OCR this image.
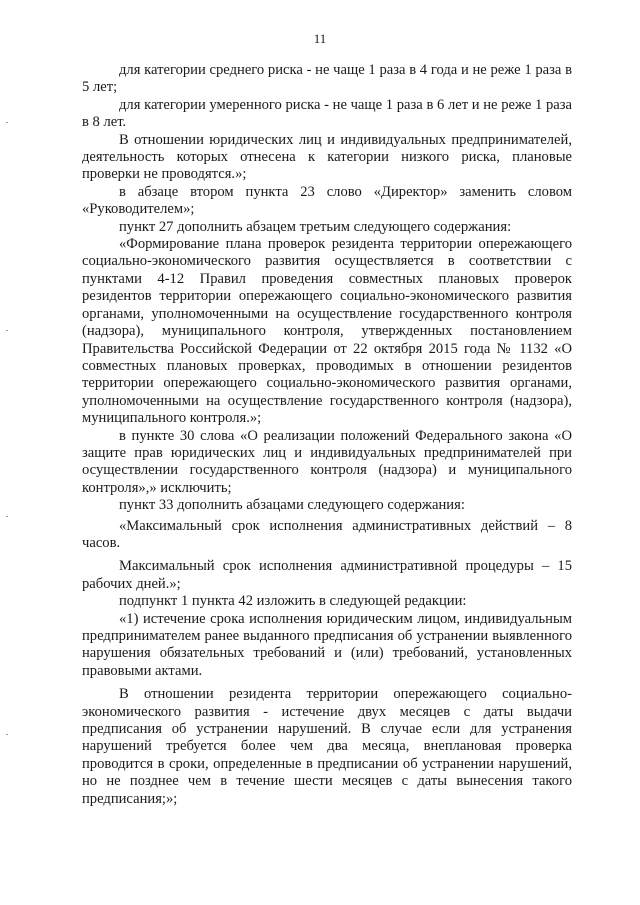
11

для категории среднего риска - не чаще 1 раза в 4 года и не реже 1 раза в 5 лет;

для категории умеренного риска - не чаще 1 раза в 6 лет и не реже 1 раза в 8 лет.

В отношении юридических лиц и индивидуальных предпринимателей, деятельность которых отнесена к категории низкого риска, плановые проверки не проводятся.»;

в абзаце втором пункта 23 слово «Директор» заменить словом «Руководителем»;

пункт 27 дополнить абзацем третьим следующего содержания:

«Формирование плана проверок резидента территории опережающего социально-экономического развития осуществляется в соответствии с пунктами 4-12 Правил проведения совместных плановых проверок резидентов территории опережающего социально-экономического развития органами, уполномоченными на осуществление государственного контроля (надзора), муниципального контроля, утвержденных постановлением Правительства Российской Федерации от 22 октября 2015 года № 1132 «О совместных плановых проверках, проводимых в отношении резидентов территории опережающего социально-экономического развития органами, уполномоченными на осуществление государственного контроля (надзора), муниципального контроля.»;

в пункте 30 слова «О реализации положений Федерального закона «О защите прав юридических лиц и индивидуальных предпринимателей при осуществлении государственного контроля (надзора) и муниципального контроля»,» исключить;

пункт 33 дополнить абзацами следующего содержания:

«Максимальный срок исполнения административных действий – 8 часов.

Максимальный срок исполнения административной процедуры – 15 рабочих дней.»;

подпункт 1 пункта 42 изложить в следующей редакции:

«1) истечение срока исполнения юридическим лицом, индивидуальным предпринимателем ранее выданного предписания об устранении выявленного нарушения обязательных требований и (или) требований, установленных правовыми актами.

В отношении резидента территории опережающего социально-экономического развития - истечение двух месяцев с даты выдачи предписания об устранении нарушений. В случае если для устранения нарушений требуется более чем два месяца, внеплановая проверка проводится в сроки, определенные в предписании об устранении нарушений, но не позднее чем в течение шести месяцев с даты вынесения такого предписания;»;
